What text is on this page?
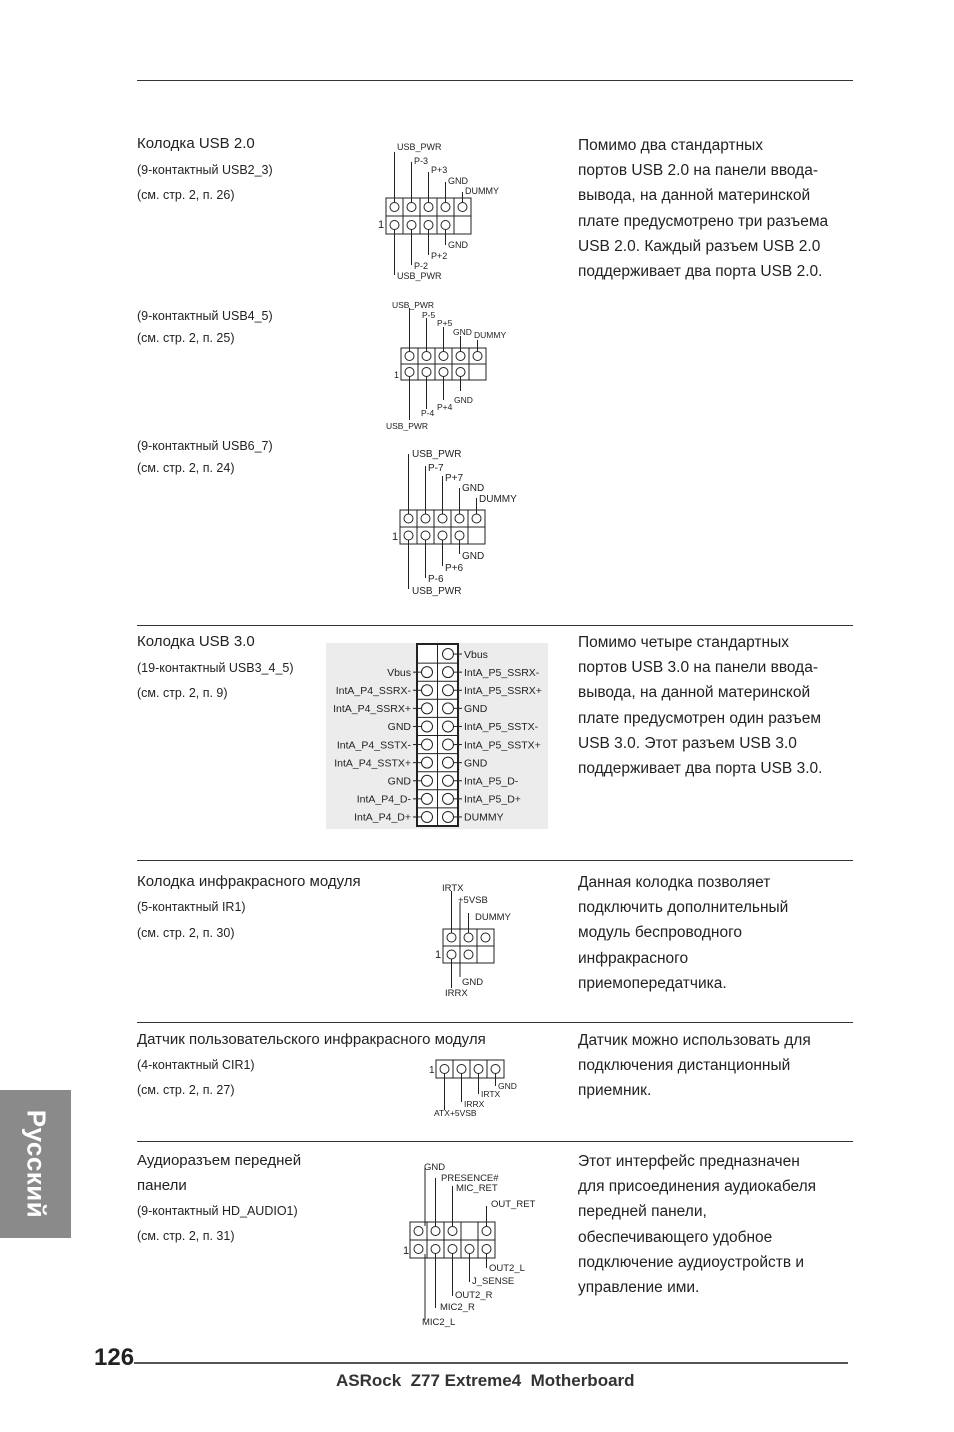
Колодка USB 2.0
(9-контактный USB2_3)
(см. стр. 2, п. 26)
(9-контактный USB4_5)
(см. стр. 2, п. 25)
(9-контактный USB6_7)
(см. стр. 2, п. 24)
Помимо два стандартных
портов USB 2.0 на панели ввода-
вывода, на данной материнской
плате предусмотрено три разъема
USB 2.0. Каждый разъем USB 2.0
поддерживает два порта USB 2.0.
USB_PWR
P-3
P+3
GND
DUMMY
GND
P+2
P-2
USB_PWR
1
USB_PWR
P-5
P+5
GND DUMMY
GND
P+4
P-4
USB_PWR
1
USB_PWR
P-7
P+7
GND
DUMMY
GND
P+6
P-6
USB_PWR
1
Колодка USB 3.0
(19-контактный USB3_4_5)
(см. стр. 2, п. 9)
Помимо четыре стандартных
портов USB 3.0 на панели ввода-
вывода, на данной материнской
плате предусмотрен один разъем
USB 3.0. Этот разъем USB 3.0
поддерживает два порта USB 3.0.
Vbus
IntA_P5_SSRX-
Vbus
IntA_P5_SSRX+
IntA_P4_SSRX-
GND
IntA_P4_SSRX+
IntA_P5_SSTX-
GND
IntA_P5_SSTX+
IntA_P4_SSTX-
GND
IntA_P4_SSTX+
IntA_P5_D-
GND
IntA_P5_D+
IntA_P4_D-
DUMMY
IntA_P4_D+
Колодка инфракрасного модуля
(5-контактный IR1)
(см. стр. 2, п. 30)
Данная колодка позволяет
подключить дополнительный
модуль беспроводного
инфракрасного
приемопередатчика.
IRTX
+5VSB
DUMMY
GND
IRRX
1
Датчик пользовательского инфракрасного модуля
(4-контактный CIR1)
(см. стр. 2, п. 27)
Датчик можно использовать для
подключения дистанционный
приемник.
GND
IRTX
IRRX
ATX+5VSB
1
Аудиоразъем передней
панели
(9-контактный HD_AUDIO1)
(см. стр. 2, п. 31)
Этот интерфейс предназначен
для присоединения аудиокабеля
передней панели,
обеспечивающего удобное
подключение аудиоустройств и
управление ими.
GND
PRESENCE#
MIC_RET
OUT_RET
OUT2_L
J_SENSE
OUT2_R
MIC2_R
MIC2_L
1
Русский
126
ASRock  Z77 Extreme4  Motherboard
